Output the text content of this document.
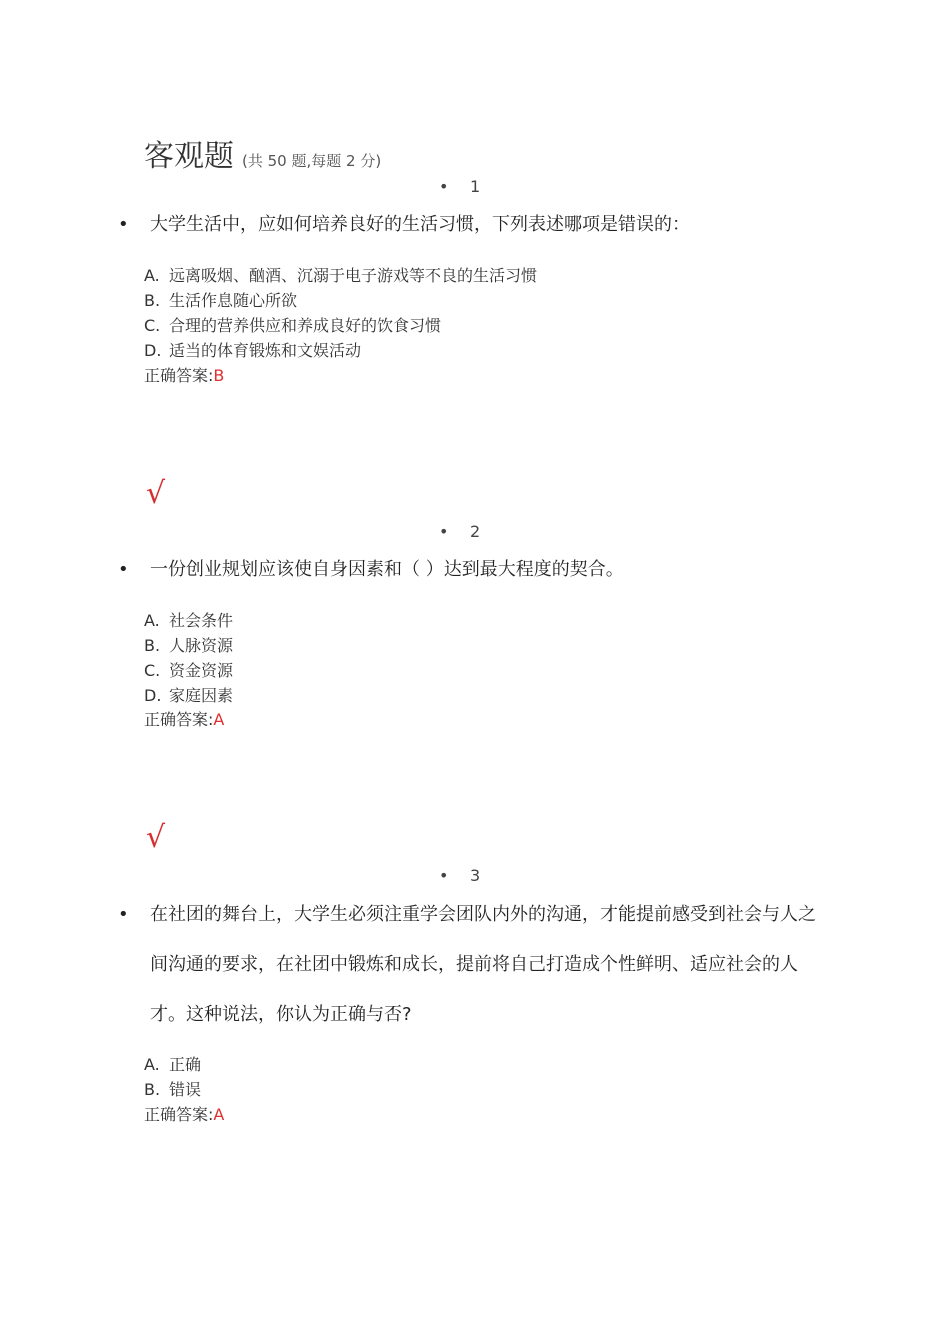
客观题 (共 50 题,每题 2 分)
• 1
• 大学生活中，应如何培养良好的生活习惯，下列表述哪项是错误的：
A. 远离吸烟、酗酒、沉溺于电子游戏等不良的生活习惯
B. 生活作息随心所欲
C. 合理的营养供应和养成良好的饮食习惯
D. 适当的体育锻炼和文娱活动
正确答案:B
√
• 2
• 一份创业规划应该使自身因素和（ ）达到最大程度的契合。
A. 社会条件
B. 人脉资源
C. 资金资源
D. 家庭因素
正确答案:A
√
• 3
• 在社团的舞台上，大学生必须注重学会团队内外的沟通，才能提前感受到社会与人之间沟通的要求，在社团中锻炼和成长，提前将自己打造成个性鲜明、适应社会的人才。这种说法，你认为正确与否?
A. 正确
B. 错误
正确答案:A
